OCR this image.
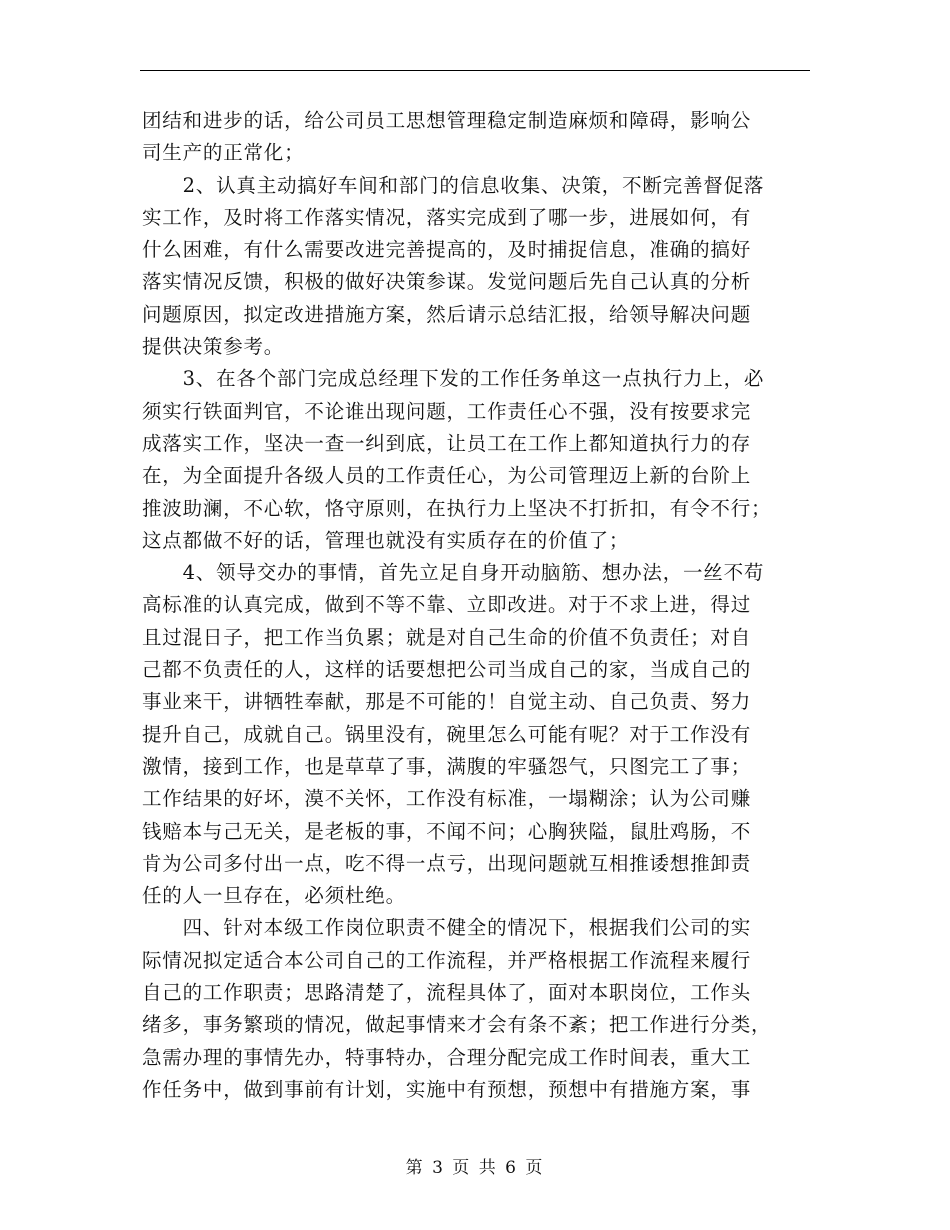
团结和进步的话，给公司员工思想管理稳定制造麻烦和障碍，影响公
司生产的正常化；
　　2、认真主动搞好车间和部门的信息收集、决策，不断完善督促落
实工作，及时将工作落实情况，落实完成到了哪一步，进展如何，有
什么困难，有什么需要改进完善提高的，及时捕捉信息，准确的搞好
落实情况反馈，积极的做好决策参谋。发觉问题后先自己认真的分析
问题原因，拟定改进措施方案，然后请示总结汇报，给领导解决问题
提供决策参考。
　　3、在各个部门完成总经理下发的工作任务单这一点执行力上，必
须实行铁面判官，不论谁出现问题，工作责任心不强，没有按要求完
成落实工作，坚决一查一纠到底，让员工在工作上都知道执行力的存
在，为全面提升各级人员的工作责任心，为公司管理迈上新的台阶上
推波助澜，不心软，恪守原则，在执行力上坚决不打折扣，有令不行；
这点都做不好的话，管理也就没有实质存在的价值了；
　　4、领导交办的事情，首先立足自身开动脑筋、想办法，一丝不苟
高标准的认真完成，做到不等不靠、立即改进。对于不求上进，得过
且过混日子，把工作当负累；就是对自己生命的价值不负责任；对自
己都不负责任的人，这样的话要想把公司当成自己的家，当成自己的
事业来干，讲牺牲奉献，那是不可能的！自觉主动、自己负责、努力
提升自己，成就自己。锅里没有，碗里怎么可能有呢？对于工作没有
激情，接到工作，也是草草了事，满腹的牢骚怨气，只图完工了事；
工作结果的好坏，漠不关怀，工作没有标准，一塌糊涂；认为公司赚
钱赔本与己无关，是老板的事，不闻不问；心胸狭隘，鼠肚鸡肠，不
肯为公司多付出一点，吃不得一点亏，出现问题就互相推诿想推卸责
任的人一旦存在，必须杜绝。
　　四、针对本级工作岗位职责不健全的情况下，根据我们公司的实
际情况拟定适合本公司自己的工作流程，并严格根据工作流程来履行
自己的工作职责；思路清楚了，流程具体了，面对本职岗位，工作头
绪多，事务繁琐的情况，做起事情来才会有条不紊；把工作进行分类，
急需办理的事情先办，特事特办，合理分配完成工作时间表，重大工
作任务中，做到事前有计划，实施中有预想，预想中有措施方案，事
第 3 页 共 6 页
